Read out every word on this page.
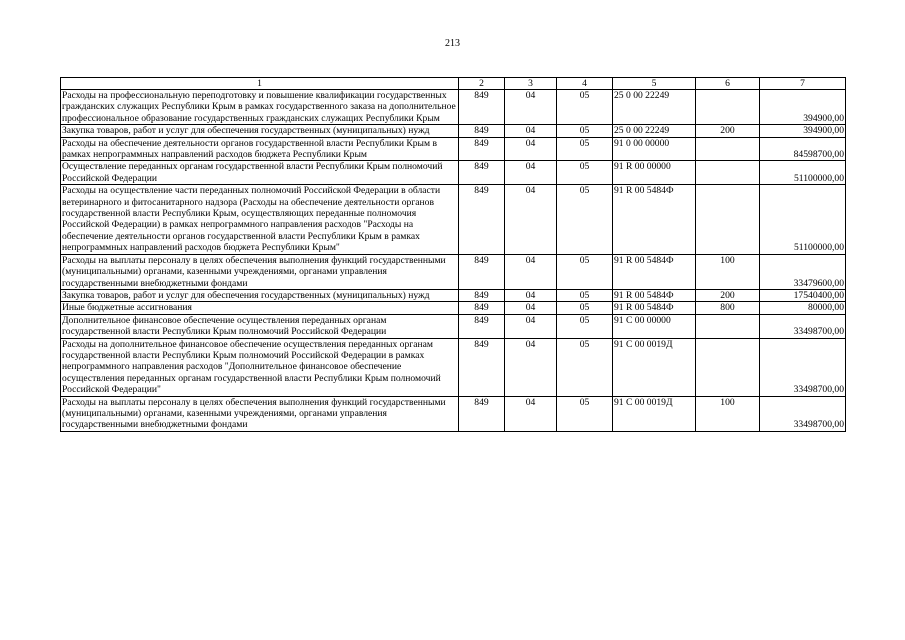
213
1	2	3	4	5	6	7
Расходы на профессиональную переподготовку и повышение квалификации государственных гражданских служащих Республики Крым в рамках государственного заказа на дополнительное профессиональное образование государственных гражданских служащих Республики Крым	849	04	05	25 0 00 22249		394900,00
Закупка товаров, работ и услуг для обеспечения государственных (муниципальных) нужд	849	04	05	25 0 00 22249	200	394900,00
Расходы на обеспечение деятельности органов государственной власти Республики Крым в рамках непрограммных направлений расходов бюджета Республики Крым	849	04	05	91 0 00 00000		84598700,00
Осуществление переданных органам государственной власти Республики Крым полномочий Российской Федерации	849	04	05	91 R 00 00000		51100000,00
Расходы на осуществление части переданных полномочий Российской Федерации в области ветеринарного и фитосанитарного надзора (Расходы на обеспечение деятельности органов государственной власти Республики Крым, осуществляющих переданные полномочия Российской Федерации) в рамках непрограммного направления расходов "Расходы на обеспечение деятельности органов государственной власти Республики Крым в рамках непрограммных направлений расходов бюджета Республики Крым"	849	04	05	91 R 00 5484Ф		51100000,00
Расходы на выплаты персоналу в целях обеспечения выполнения функций государственными (муниципальными) органами, казенными учреждениями, органами управления государственными внебюджетными фондами	849	04	05	91 R 00 5484Ф	100	33479600,00
Закупка товаров, работ и услуг для обеспечения государственных (муниципальных) нужд	849	04	05	91 R 00 5484Ф	200	17540400,00
Иные бюджетные ассигнования	849	04	05	91 R 00 5484Ф	800	80000,00
Дополнительное финансовое обеспечение осуществления переданных органам государственной власти Республики Крым полномочий Российской Федерации	849	04	05	91 С 00 00000		33498700,00
Расходы на дополнительное финансовое обеспечение осуществления переданных органам государственной власти Республики Крым полномочий Российской Федерации в рамках непрограммного направления расходов "Дополнительное финансовое обеспечение осуществления переданных органам государственной власти Республики Крым полномочий Российской Федерации"	849	04	05	91 С 00 0019Д		33498700,00
Расходы на выплаты персоналу в целях обеспечения выполнения функций государственными (муниципальными) органами, казенными учреждениями, органами управления государственными внебюджетными фондами	849	04	05	91 С 00 0019Д	100	33498700,00
